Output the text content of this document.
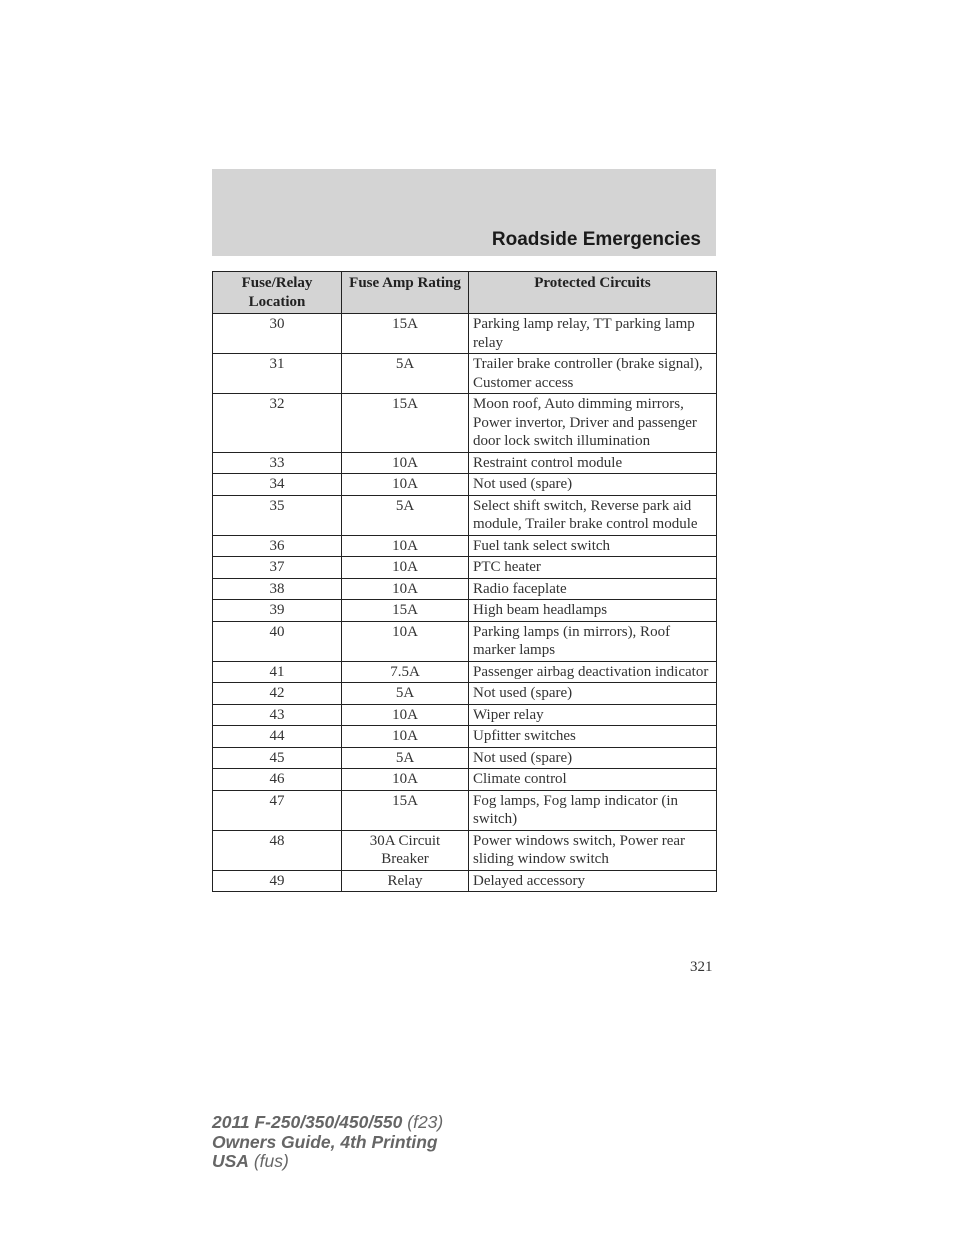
Roadside Emergencies
Fuse/Relay Location	Fuse Amp Rating	Protected Circuits
30	15A	Parking lamp relay, TT parking lamp relay
31	5A	Trailer brake controller (brake signal), Customer access
32	15A	Moon roof, Auto dimming mirrors, Power invertor, Driver and passenger door lock switch illumination
33	10A	Restraint control module
34	10A	Not used (spare)
35	5A	Select shift switch, Reverse park aid module, Trailer brake control module
36	10A	Fuel tank select switch
37	10A	PTC heater
38	10A	Radio faceplate
39	15A	High beam headlamps
40	10A	Parking lamps (in mirrors), Roof marker lamps
41	7.5A	Passenger airbag deactivation indicator
42	5A	Not used (spare)
43	10A	Wiper relay
44	10A	Upfitter switches
45	5A	Not used (spare)
46	10A	Climate control
47	15A	Fog lamps, Fog lamp indicator (in switch)
48	30A Circuit Breaker	Power windows switch, Power rear sliding window switch
49	Relay	Delayed accessory
321
2011 F-250/350/450/550 (f23)
Owners Guide, 4th Printing
USA (fus)
